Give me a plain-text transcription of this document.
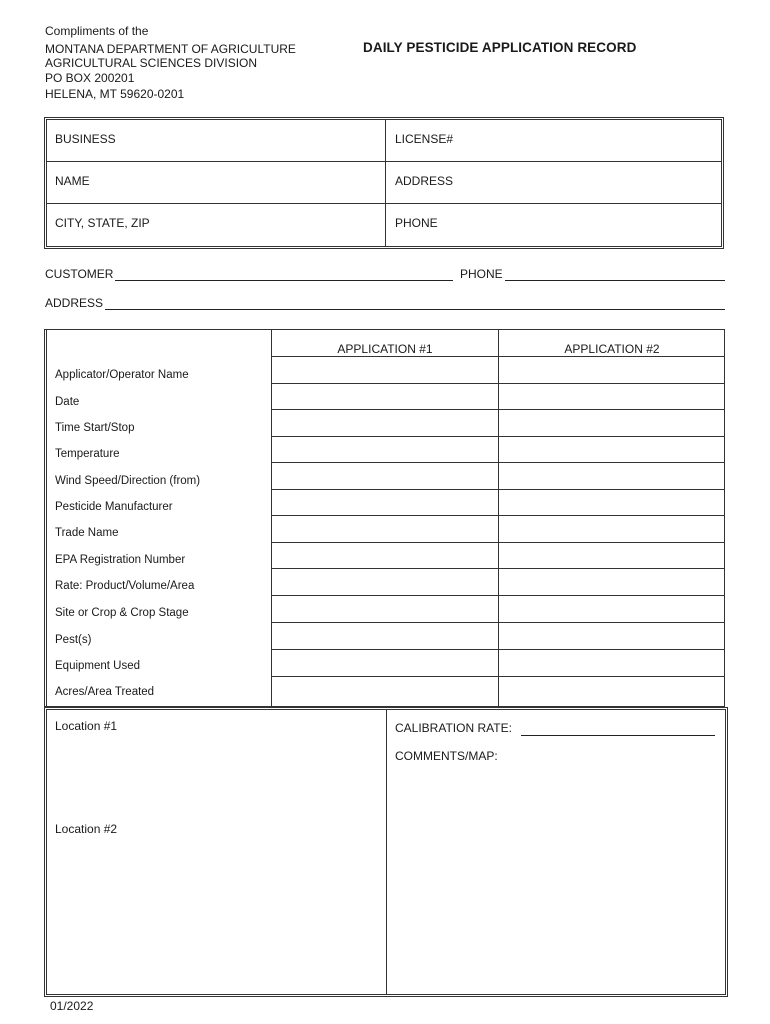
Compliments of the
MONTANA DEPARTMENT OF AGRICULTURE
AGRICULTURAL SCIENCES DIVISION
PO BOX 200201
HELENA, MT 59620-0201
DAILY PESTICIDE APPLICATION RECORD
BUSINESS	LICENSE#
NAME	ADDRESS
CITY, STATE, ZIP	PHONE
CUSTOMER	PHONE
ADDRESS
APPLICATION #1	APPLICATION #2
Applicator/Operator Name
Date
Time Start/Stop
Temperature
Wind Speed/Direction (from)
Pesticide Manufacturer
Trade Name
EPA Registration Number
Rate: Product/Volume/Area
Site or Crop & Crop Stage
Pest(s)
Equipment Used
Acres/Area Treated
Location #1
Location #2
CALIBRATION RATE:
COMMENTS/MAP:
01/2022
